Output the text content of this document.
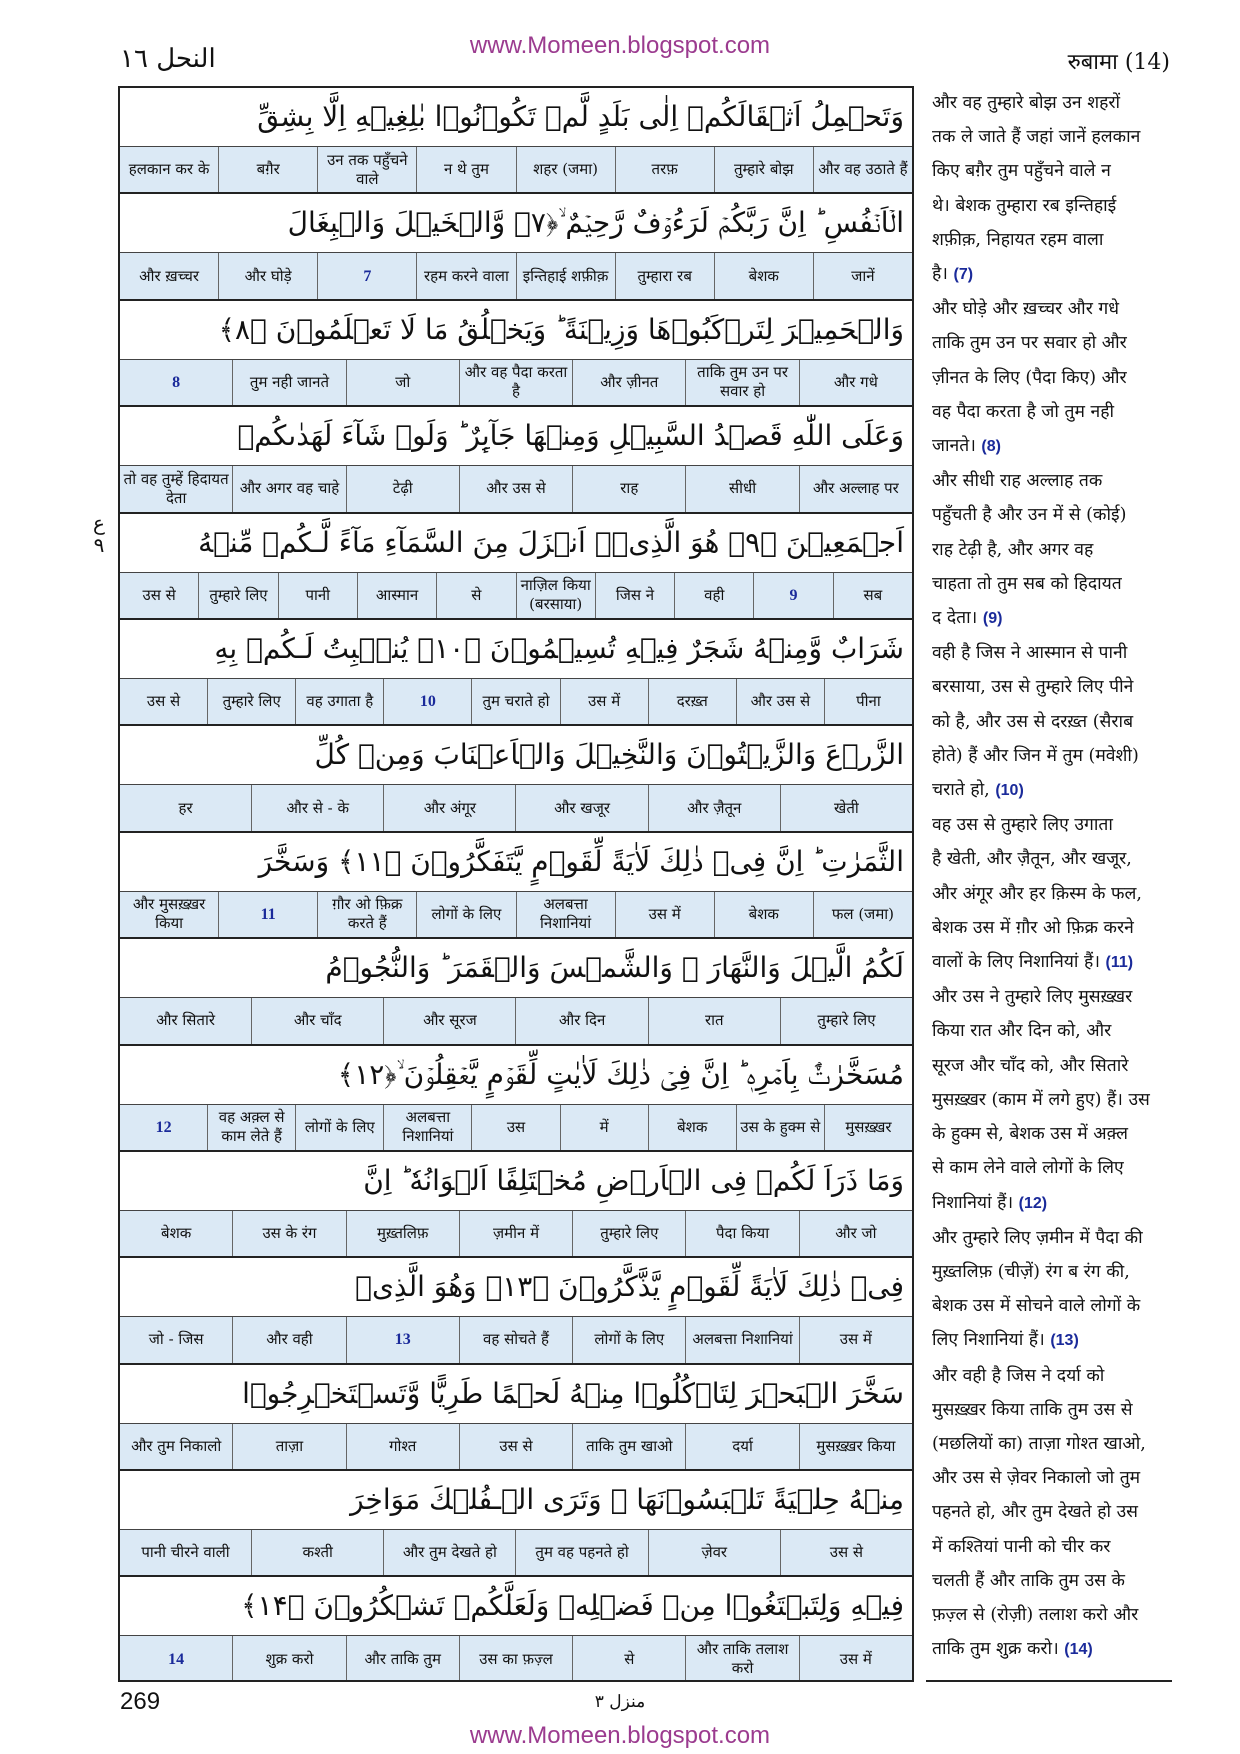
النحل ١٦	www.Momeen.blogspot.com
रुबामा (14)
ع ٩
وَتَحۡمِلُ اَثۡقَالَكُمۡ اِلٰى بَلَدٍ لَّمۡ تَكُوۡنُوۡا بٰلِغِيۡهِ اِلَّا بِشِقِّ
और वह उठाते हैं
तुम्हारे बोझ
तरफ़
शहर (जमा)
न थे तुम
उन तक पहुँचने वाले
बग़ैर
हलकान कर के
الۡاَنۡفُسِ ؕ اِنَّ رَبَّكُمۡ لَرَءُوۡفٌ رَّحِيۡمٌ ۙ﴿۷﴾ وَّالۡخَيۡلَ وَالۡبِغَالَ
जानें
बेशक
तुम्हारा रब
इन्तिहाई शफ़ीक़
रहम करने वाला
7
और घोड़े
और ख़च्चर
وَالۡحَمِيۡرَ لِتَرۡكَبُوۡهَا وَزِيۡنَةً ؕ وَيَخۡلُقُ مَا لَا تَعۡلَمُوۡنَ ﴿۸﴾
और गधे
ताकि तुम उन पर सवार हो
और ज़ीनत
और वह पैदा करता है
जो
तुम नही जानते
8
وَعَلَى اللّٰهِ قَصۡدُ السَّبِيۡلِ وَمِنۡهَا جَآٮِٕرٌ ؕ وَلَوۡ شَآءَ لَهَدٰٮكُمۡ
और अल्लाह पर
सीधी
राह
और उस से
टेढ़ी
और अगर वह चाहे
तो वह तुम्हें हिदायत देता
اَجۡمَعِيۡنَ ﴿۹﴾ هُوَ الَّذِىۡۤ اَنۡزَلَ مِنَ السَّمَآءِ مَآءً لَّـكُمۡ مِّنۡهُ
सब
9
वही
जिस ने
नाज़िल किया (बरसाया)
से
आस्मान
पानी
तुम्हारे लिए
उस से
شَرَابٌ وَّمِنۡهُ شَجَرٌ فِيۡهِ تُسِيۡمُوۡنَ ﴿۱۰﴾ يُنۡۢبِتُ لَـكُمۡ بِهِ
पीना
और उस से
दरख़्त
उस में
तुम चराते हो
10
वह उगाता है
तुम्हारे लिए
उस से
الزَّرۡعَ وَالزَّيۡتُوۡنَ وَالنَّخِيۡلَ وَالۡاَعۡنَابَ وَمِنۡ كُلِّ
खेती
और ज़ैतून
और खजूर
और अंगूर
और से - के
हर
الثَّمَرٰتِ ؕ اِنَّ فِىۡ ذٰلِكَ لَاٰيَةً لِّقَوۡمٍ يَّتَفَكَّرُوۡنَ ﴿۱۱﴾ وَسَخَّرَ
फल (जमा)
बेशक
उस में
अलबत्ता निशानियां
लोगों के लिए
ग़ौर ओ फ़िक्र करते हैं
11
और मुसख़्ख़र किया
لَكُمُ الَّيۡلَ وَالنَّهَارَ ۙ وَالشَّمۡسَ وَالۡقَمَرَ ؕ وَالنُّجُوۡمُ
तुम्हारे लिए
रात
और दिन
और सूरज
और चाँद
और सितारे
مُسَخَّرٰتٌۢ بِاَمۡرِهٖ ؕ اِنَّ فِىۡ ذٰلِكَ لَاٰيٰتٍ لِّقَوۡمٍ يَّعۡقِلُوۡنَ ۙ﴿۱۲﴾
मुसख़्ख़र
उस के हुक्म से
बेशक
में
उस
अलबत्ता निशानियां
लोगों के लिए
वह अक़्ल से काम लेते हैं
12
وَمَا ذَرَاَ لَكُمۡ فِى الۡاَرۡضِ مُخۡتَلِفًا اَلۡوَانُهٗ ؕ اِنَّ
और जो
पैदा किया
तुम्हारे लिए
ज़मीन में
मुख़्तलिफ़
उस के रंग
बेशक
فِىۡ ذٰلِكَ لَاٰيَةً لِّقَوۡمٍ يَّذَّكَّرُوۡنَ ﴿۱۳﴾ وَهُوَ الَّذِىۡ
उस में
अलबत्ता निशानियां
लोगों के लिए
वह सोचते हैं
13
और वही
जो - जिस
سَخَّرَ الۡبَحۡرَ لِتَاۡكُلُوۡا مِنۡهُ لَحۡمًا طَرِيًّا وَّتَسۡتَخۡرِجُوۡا
मुसख़्ख़र किया
दर्या
ताकि तुम खाओ
उस से
गोश्त
ताज़ा
और तुम निकालो
مِنۡهُ حِلۡيَةً تَلۡبَسُوۡنَهَا ۚ وَتَرَى الۡـفُلۡكَ مَوَاخِرَ
उस से
ज़ेवर
तुम वह पहनते हो
और तुम देखते हो
कश्ती
पानी चीरने वाली
فِيۡهِ وَلِتَبۡتَغُوۡا مِنۡ فَضۡلِهٖ وَلَعَلَّكُمۡ تَشۡكُرُوۡنَ ﴿۱۴﴾
उस में
और ताकि तलाश करो
से
उस का फ़ज़्ल
और ताकि तुम
शुक्र करो
14

और वह तुम्हारे बोझ उन शहरों

तक ले जाते हैं जहां जानें हलकान

किए बग़ैर तुम पहुँचने वाले न

थे। बेशक तुम्हारा रब इन्तिहाई

शफ़ीक़, निहायत रहम वाला

है। (7)

और घोड़े और ख़च्चर और गधे

ताकि तुम उन पर सवार हो और

ज़ीनत के लिए (पैदा किए) और

वह पैदा करता है जो तुम नही

जानते। (8)

और सीधी राह अल्लाह तक

पहुँचती है और उन में से (कोई)

राह टेढ़ी है, और अगर वह

चाहता तो तुम सब को हिदायत

द देता। (9)

वही है जिस ने आस्मान से पानी

बरसाया, उस से तुम्हारे लिए पीने

को है, और उस से दरख़्त (सैराब

होते) हैं और जिन में तुम (मवेशी)

चराते हो, (10)

वह उस से तुम्हारे लिए उगाता

है खेती, और ज़ैतून, और खजूर,

और अंगूर और हर क़िस्म के फल,

बेशक उस में ग़ौर ओ फ़िक्र करने

वालों के लिए निशानियां हैं। (11)

और उस ने तुम्हारे लिए मुसख़्ख़र

किया रात और दिन को, और

सूरज और चाँद को, और सितारे

मुसख़्ख़र (काम में लगे हुए) हैं। उस

के हुक्म से, बेशक उस में अक़्ल

से काम लेने वाले लोगों के लिए

निशानियां हैं। (12)

और तुम्हारे लिए ज़मीन में पैदा की

मुख़्तलिफ़ (चीज़ें) रंग ब रंग की,

बेशक उस में सोचने वाले लोगों के

लिए निशानियां हैं। (13)

और वही है जिस ने दर्या को

मुसख़्ख़र किया ताकि तुम उस से

(मछलियों का) ताज़ा गोश्त खाओ,

और उस से ज़ेवर निकालो जो तुम

पहनते हो, और तुम देखते हो उस

में कश्तियां पानी को चीर कर

चलती हैं और ताकि तुम उस के

फ़ज़्ल से (रोज़ी) तलाश करो और

ताकि तुम शुक्र करो। (14)

269	منزل ٣
www.Momeen.blogspot.com
